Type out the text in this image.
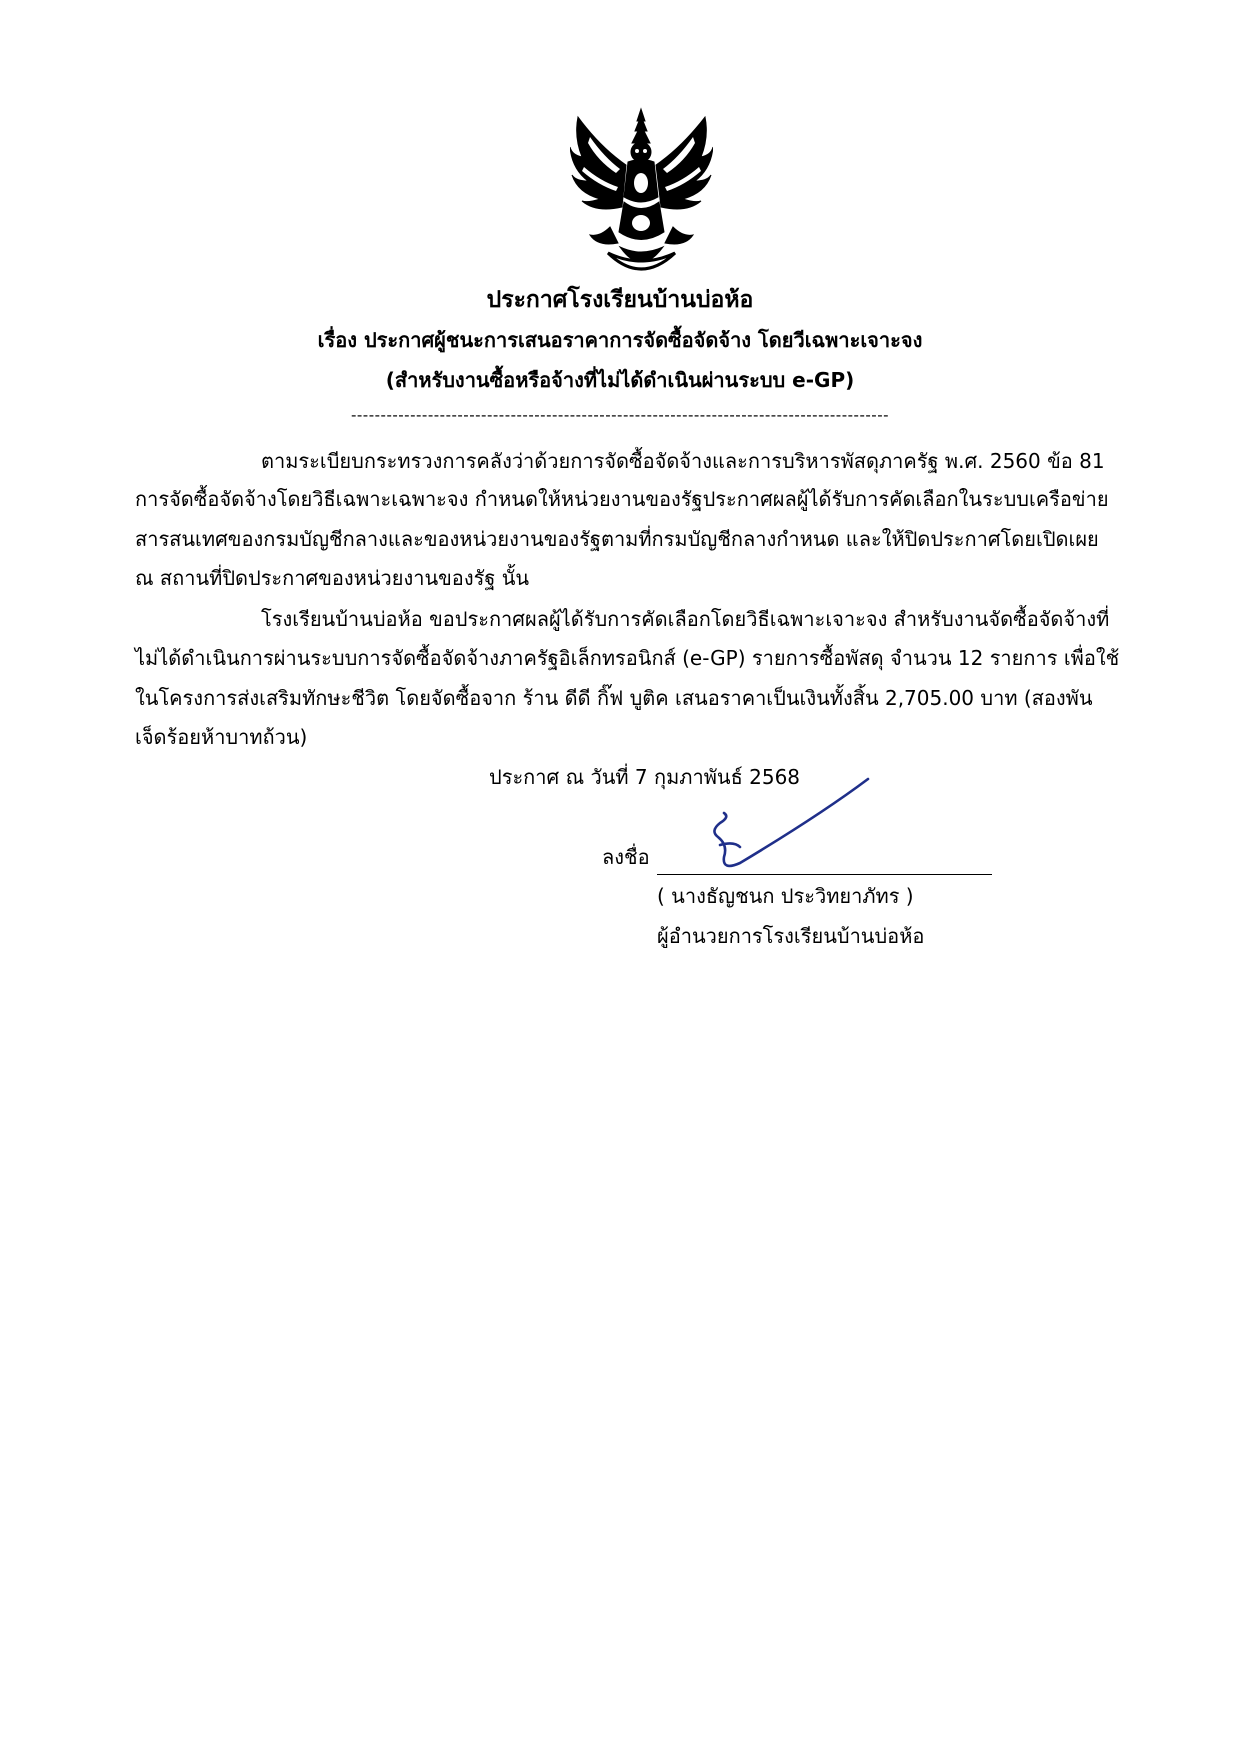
ประกาศโรงเรียนบ้านบ่อห้อ
เรื่อง ประกาศผู้ชนะการเสนอราคาการจัดซื้อจัดจ้าง โดยวีเฉพาะเจาะจง
(สำหรับงานซื้อหรือจ้างที่ไม่ได้ดำเนินผ่านระบบ e-GP)
-------------------------------------------------------------------------------------------
ตามระเบียบกระทรวงการคลังว่าด้วยการจัดซื้อจัดจ้างและการบริหารพัสดุภาครัฐ พ.ศ. 2560 ข้อ 81
การจัดซื้อจัดจ้างโดยวิธีเฉพาะเฉพาะจง กำหนดให้หน่วยงานของรัฐประกาศผลผู้ได้รับการคัดเลือกในระบบเครือข่าย
สารสนเทศของกรมบัญชีกลางและของหน่วยงานของรัฐตามที่กรมบัญชีกลางกำหนด และให้ปิดประกาศโดยเปิดเผย
ณ สถานที่ปิดประกาศของหน่วยงานของรัฐ นั้น
โรงเรียนบ้านบ่อห้อ ขอประกาศผลผู้ได้รับการคัดเลือกโดยวิธีเฉพาะเจาะจง สำหรับงานจัดซื้อจัดจ้างที่
ไม่ได้ดำเนินการผ่านระบบการจัดซื้อจัดจ้างภาครัฐอิเล็กทรอนิกส์ (e-GP) รายการซื้อพัสดุ จำนวน 12 รายการ เพื่อใช้
ในโครงการส่งเสริมทักษะชีวิต โดยจัดซื้อจาก ร้าน ดีดี กิ๊ฟ บูติค เสนอราคาเป็นเงินทั้งสิ้น 2,705.00 บาท (สองพัน
เจ็ดร้อยห้าบาทถ้วน)
ประกาศ ณ วันที่ 7 กุมภาพันธ์ 2568
ลงชื่อ
( นางธัญชนก ประวิทยาภัทร )
ผู้อำนวยการโรงเรียนบ้านบ่อห้อ
